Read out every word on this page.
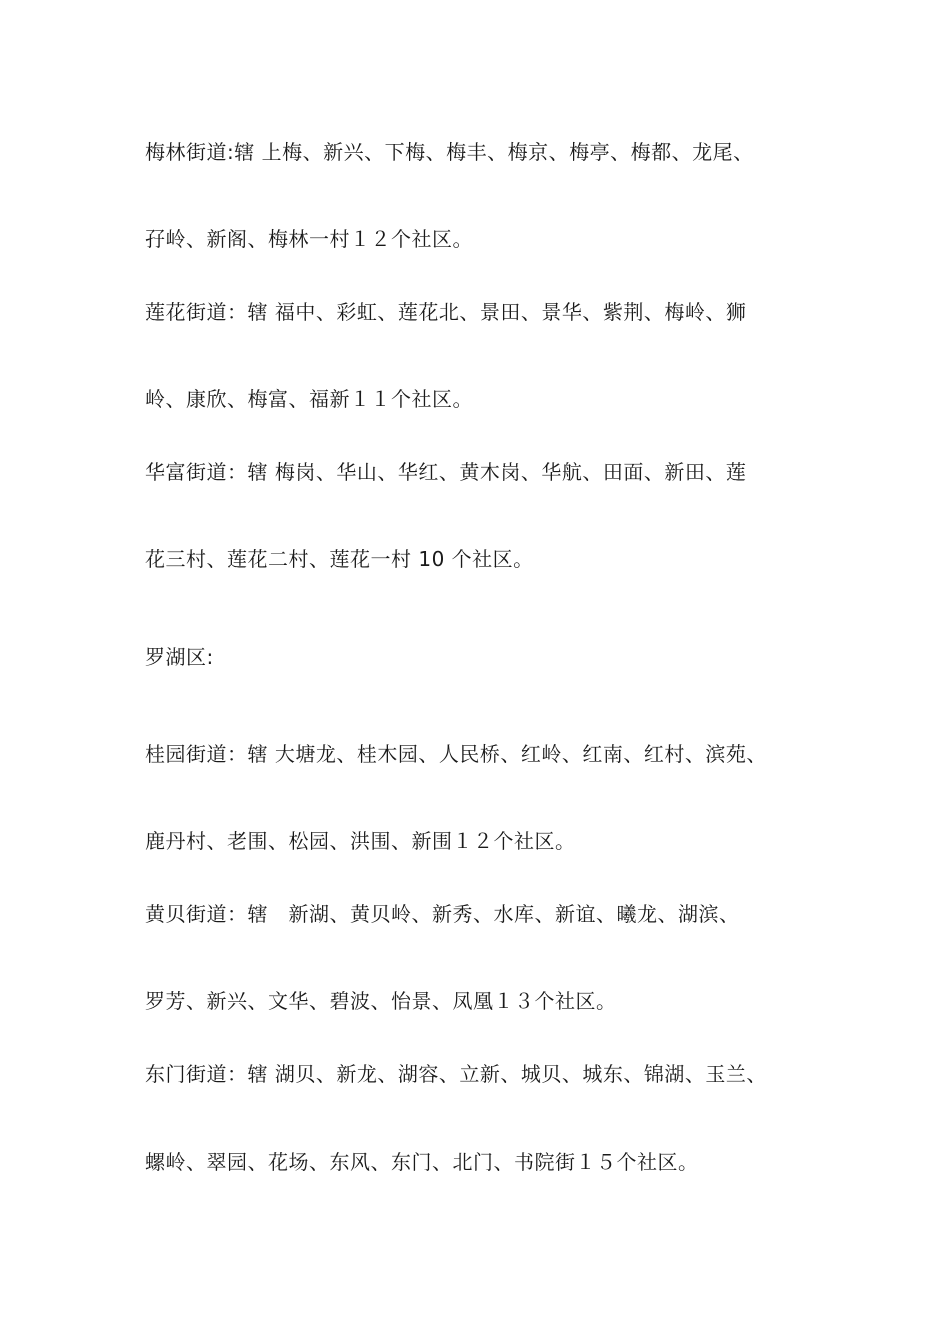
梅林街道:辖 上梅、新兴、下梅、梅丰、梅京、梅亭、梅都、龙尾、
孖岭、新阁、梅林一村１２个社区。
莲花街道：辖 福中、彩虹、莲花北、景田、景华、紫荆、梅岭、狮
岭、康欣、梅富、福新１１个社区。
华富街道：辖 梅岗、华山、华红、黄木岗、华航、田面、新田、莲
花三村、莲花二村、莲花一村 10 个社区。
罗湖区:
桂园街道：辖 大塘龙、桂木园、人民桥、红岭、红南、红村、滨苑、
鹿丹村、老围、松园、洪围、新围１２个社区。
黄贝街道：辖　新湖、黄贝岭、新秀、水库、新谊、曦龙、湖滨、
罗芳、新兴、文华、碧波、怡景、凤凰１３个社区。
东门街道：辖 湖贝、新龙、湖容、立新、城贝、城东、锦湖、玉兰、
螺岭、翠园、花场、东风、东门、北门、书院街１５个社区。
